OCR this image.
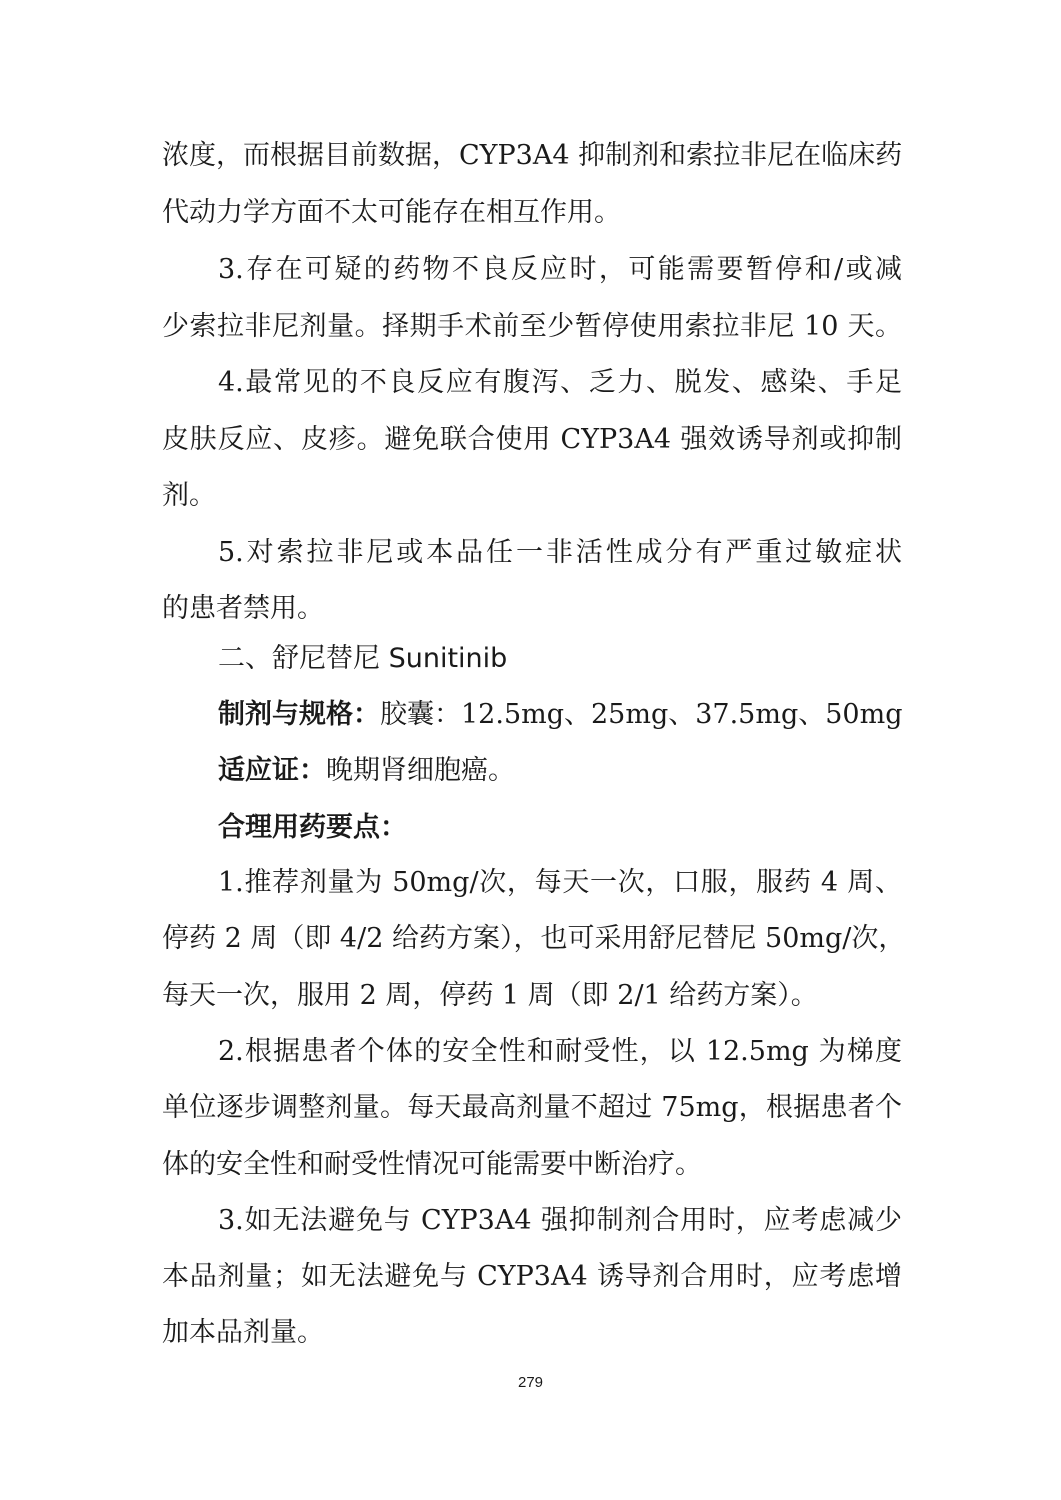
浓度，而根据目前数据，CYP3A4 抑制剂和索拉非尼在临床药
代动力学方面不太可能存在相互作用。
3.存在可疑的药物不良反应时，可能需要暂停和/或减
少索拉非尼剂量。择期手术前至少暂停使用索拉非尼 10 天。
4.最常见的不良反应有腹泻、乏力、脱发、感染、手足
皮肤反应、皮疹。避免联合使用 CYP3A4 强效诱导剂或抑制
剂。
5.对索拉非尼或本品任一非活性成分有严重过敏症状
的患者禁用。
二、舒尼替尼 Sunitinib
制剂与规格：胶囊：12.5mg、25mg、37.5mg、50mg
适应证：晚期肾细胞癌。
合理用药要点：
1.推荐剂量为 50mg/次，每天一次，口服，服药 4 周、
停药 2 周（即 4/2 给药方案），也可采用舒尼替尼 50mg/次，
每天一次，服用 2 周，停药 1 周（即 2/1 给药方案）。
2.根据患者个体的安全性和耐受性，以 12.5mg 为梯度
单位逐步调整剂量。每天最高剂量不超过 75mg，根据患者个
体的安全性和耐受性情况可能需要中断治疗。
3.如无法避免与 CYP3A4 强抑制剂合用时，应考虑减少
本品剂量；如无法避免与 CYP3A4 诱导剂合用时，应考虑增
加本品剂量。
279
